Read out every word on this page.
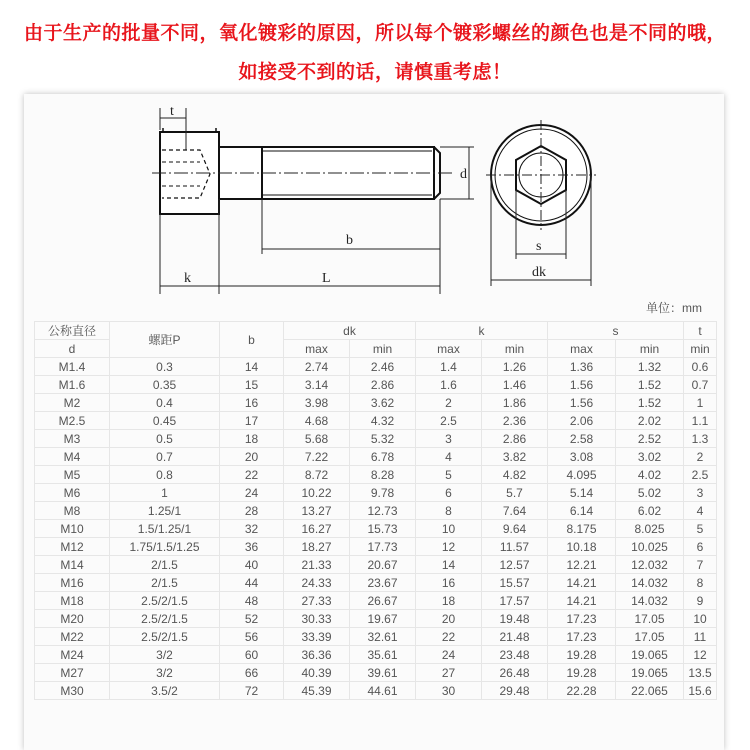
由于生产的批量不同，氧化镀彩的原因，所以每个镀彩螺丝的颜色也是不同的哦，
如接受不到的话，请慎重考虑！
t
d
b
k	L
s
dk
单位：mm
公称直径	螺距P	b	dk		k		s		t
d			max	min	max	min	max	min	min
M1.4	0.3	14	2.74	2.46	1.4	1.26	1.36	1.32	0.6
M1.6	0.35	15	3.14	2.86	1.6	1.46	1.56	1.52	0.7
M2	0.4	16	3.98	3.62	2	1.86	1.56	1.52	1
M2.5	0.45	17	4.68	4.32	2.5	2.36	2.06	2.02	1.1
M3	0.5	18	5.68	5.32	3	2.86	2.58	2.52	1.3
M4	0.7	20	7.22	6.78	4	3.82	3.08	3.02	2
M5	0.8	22	8.72	8.28	5	4.82	4.095	4.02	2.5
M6	1	24	10.22	9.78	6	5.7	5.14	5.02	3
M8	1.25/1	28	13.27	12.73	8	7.64	6.14	6.02	4
M10	1.5/1.25/1	32	16.27	15.73	10	9.64	8.175	8.025	5
M12	1.75/1.5/1.25	36	18.27	17.73	12	11.57	10.18	10.025	6
M14	2/1.5	40	21.33	20.67	14	12.57	12.21	12.032	7
M16	2/1.5	44	24.33	23.67	16	15.57	14.21	14.032	8
M18	2.5/2/1.5	48	27.33	26.67	18	17.57	14.21	14.032	9
M20	2.5/2/1.5	52	30.33	19.67	20	19.48	17.23	17.05	10
M22	2.5/2/1.5	56	33.39	32.61	22	21.48	17.23	17.05	11
M24	3/2	60	36.36	35.61	24	23.48	19.28	19.065	12
M27	3/2	66	40.39	39.61	27	26.48	19.28	19.065	13.5
M30	3.5/2	72	45.39	44.61	30	29.48	22.28	22.065	15.6
